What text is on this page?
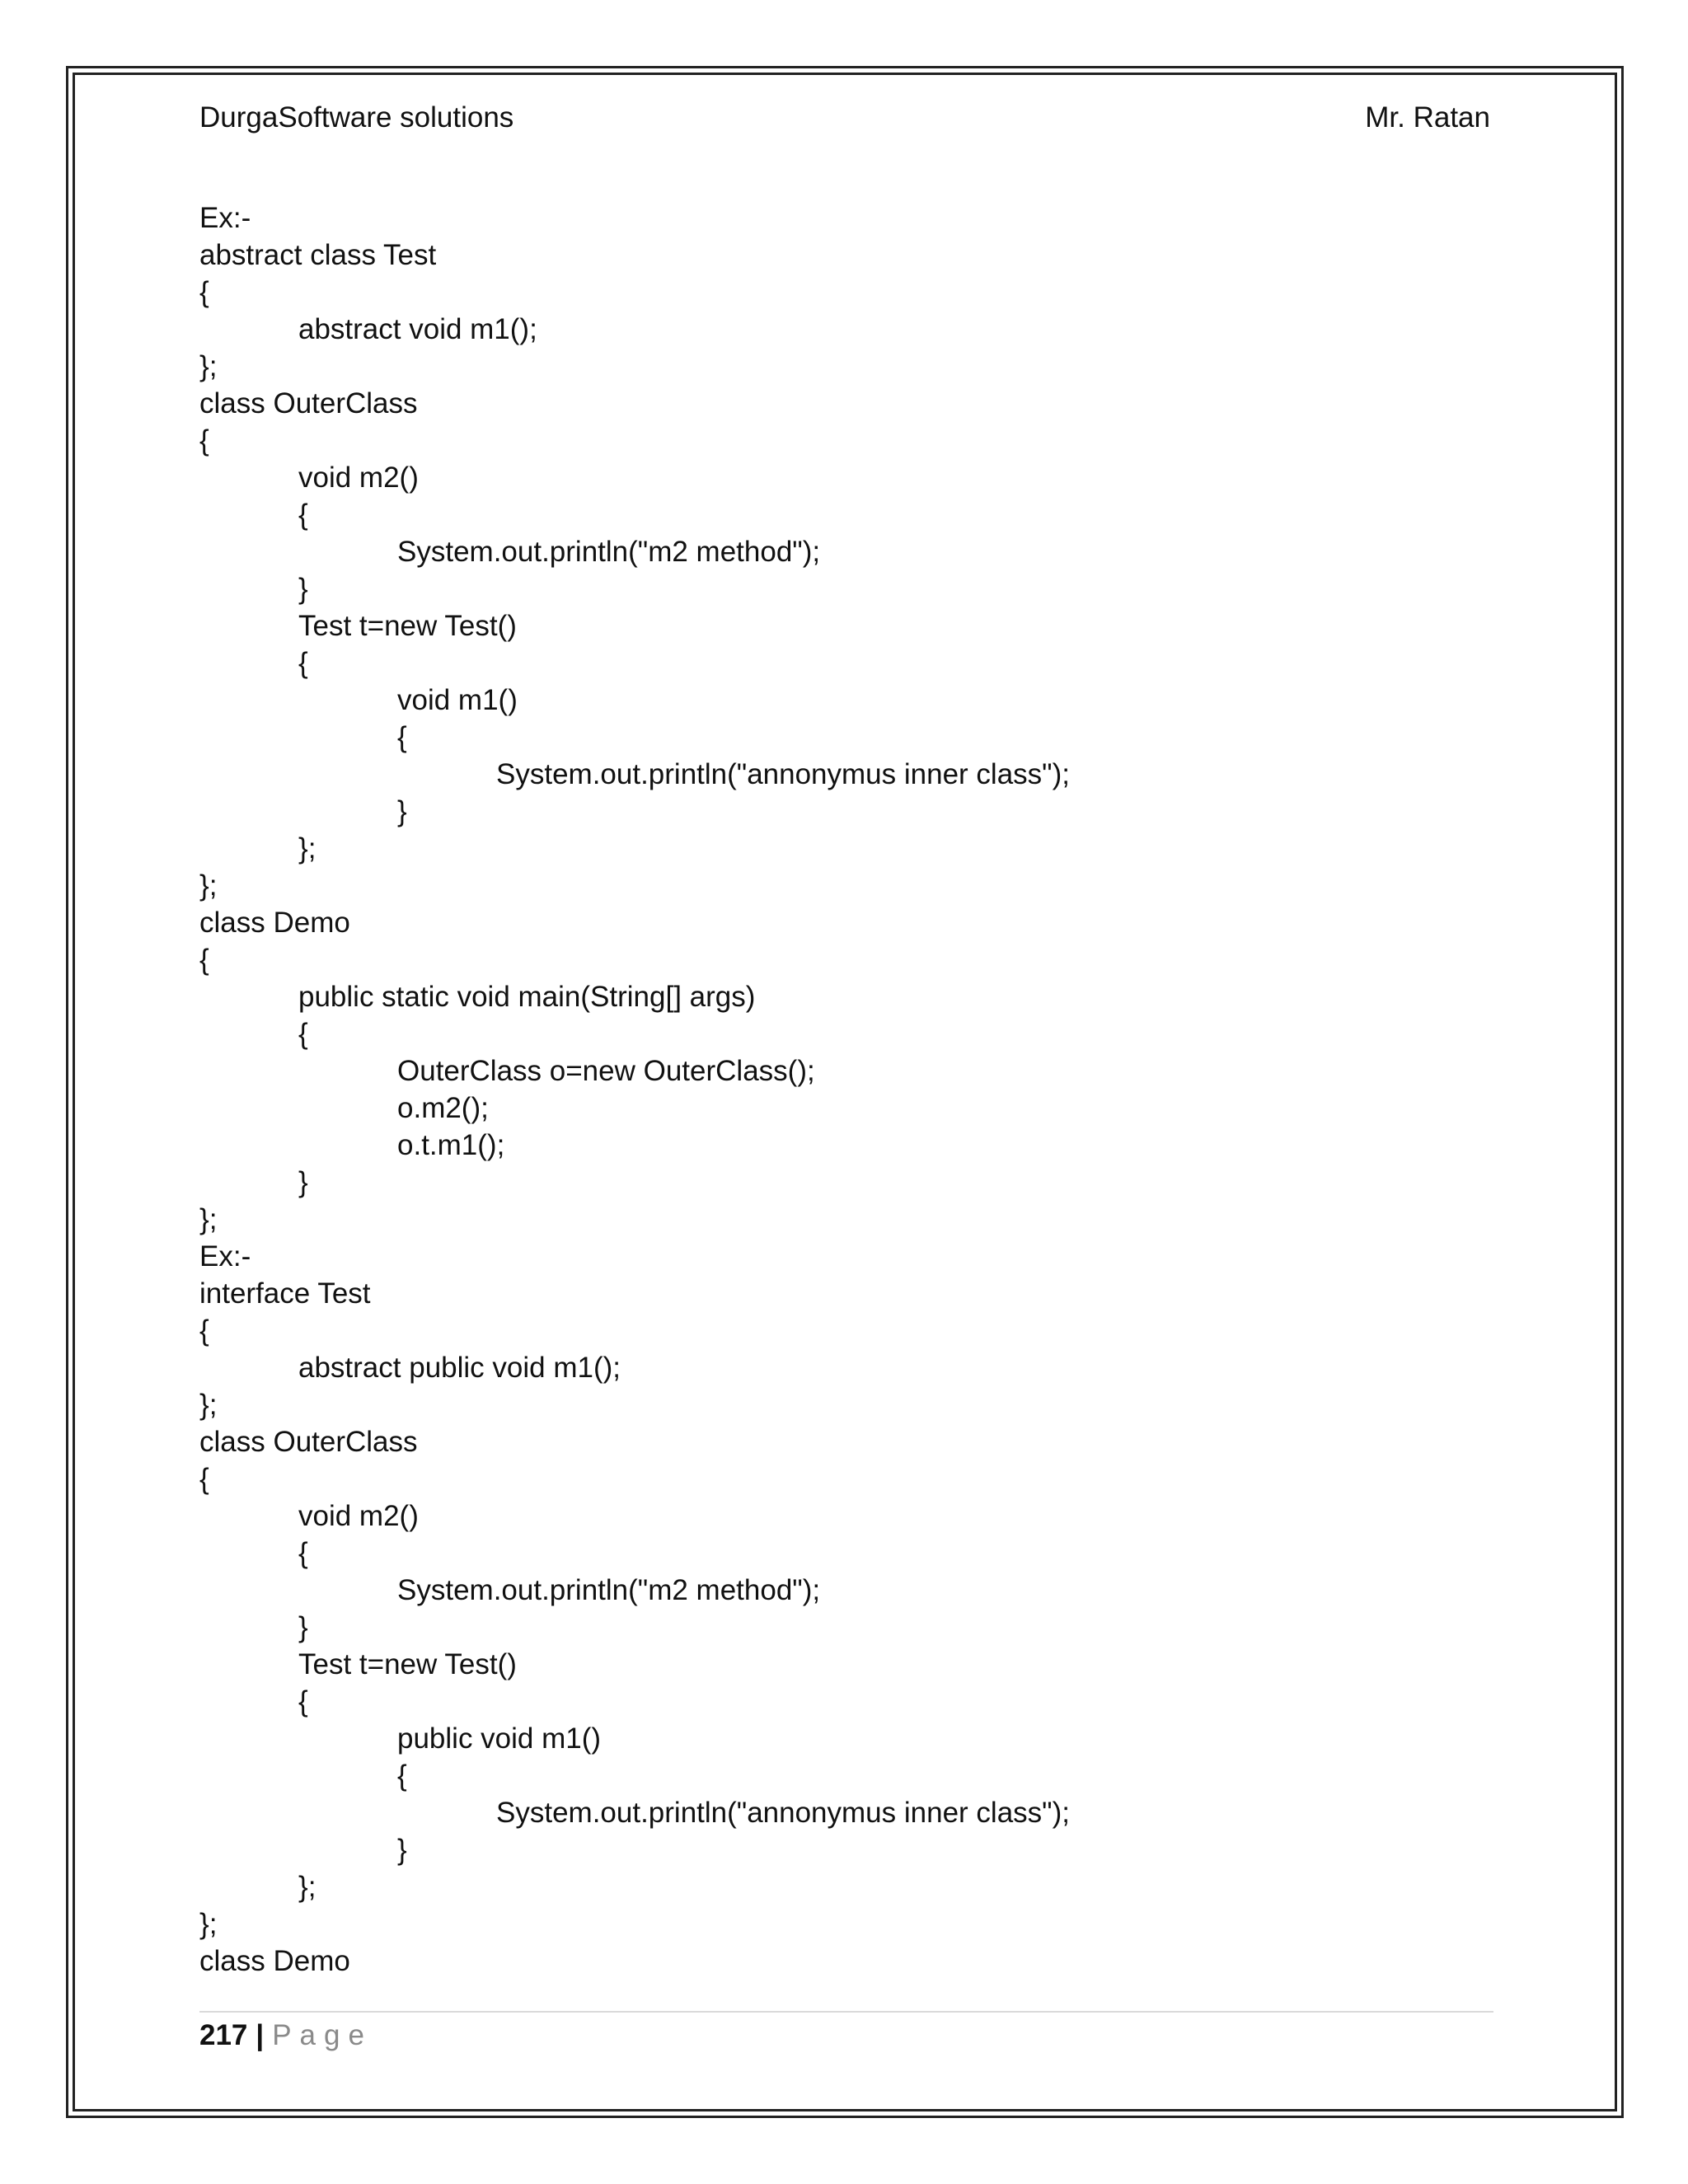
DurgaSoftware solutions	Mr. Ratan
Ex:-
abstract class Test
{
abstract void m1();
};
class OuterClass
{
void m2()
{
System.out.println("m2 method");
}
Test t=new Test()
{
void m1()
{
System.out.println("annonymus inner class");
}
};
};
class Demo
{
public static void main(String[] args)
{
OuterClass o=new OuterClass();
o.m2();
o.t.m1();
}
};
Ex:-
interface Test
{
abstract public void m1();
};
class OuterClass
{
void m2()
{
System.out.println("m2 method");
}
Test t=new Test()
{
public void m1()
{
System.out.println("annonymus inner class");
}
};
};
class Demo
217 | Page
